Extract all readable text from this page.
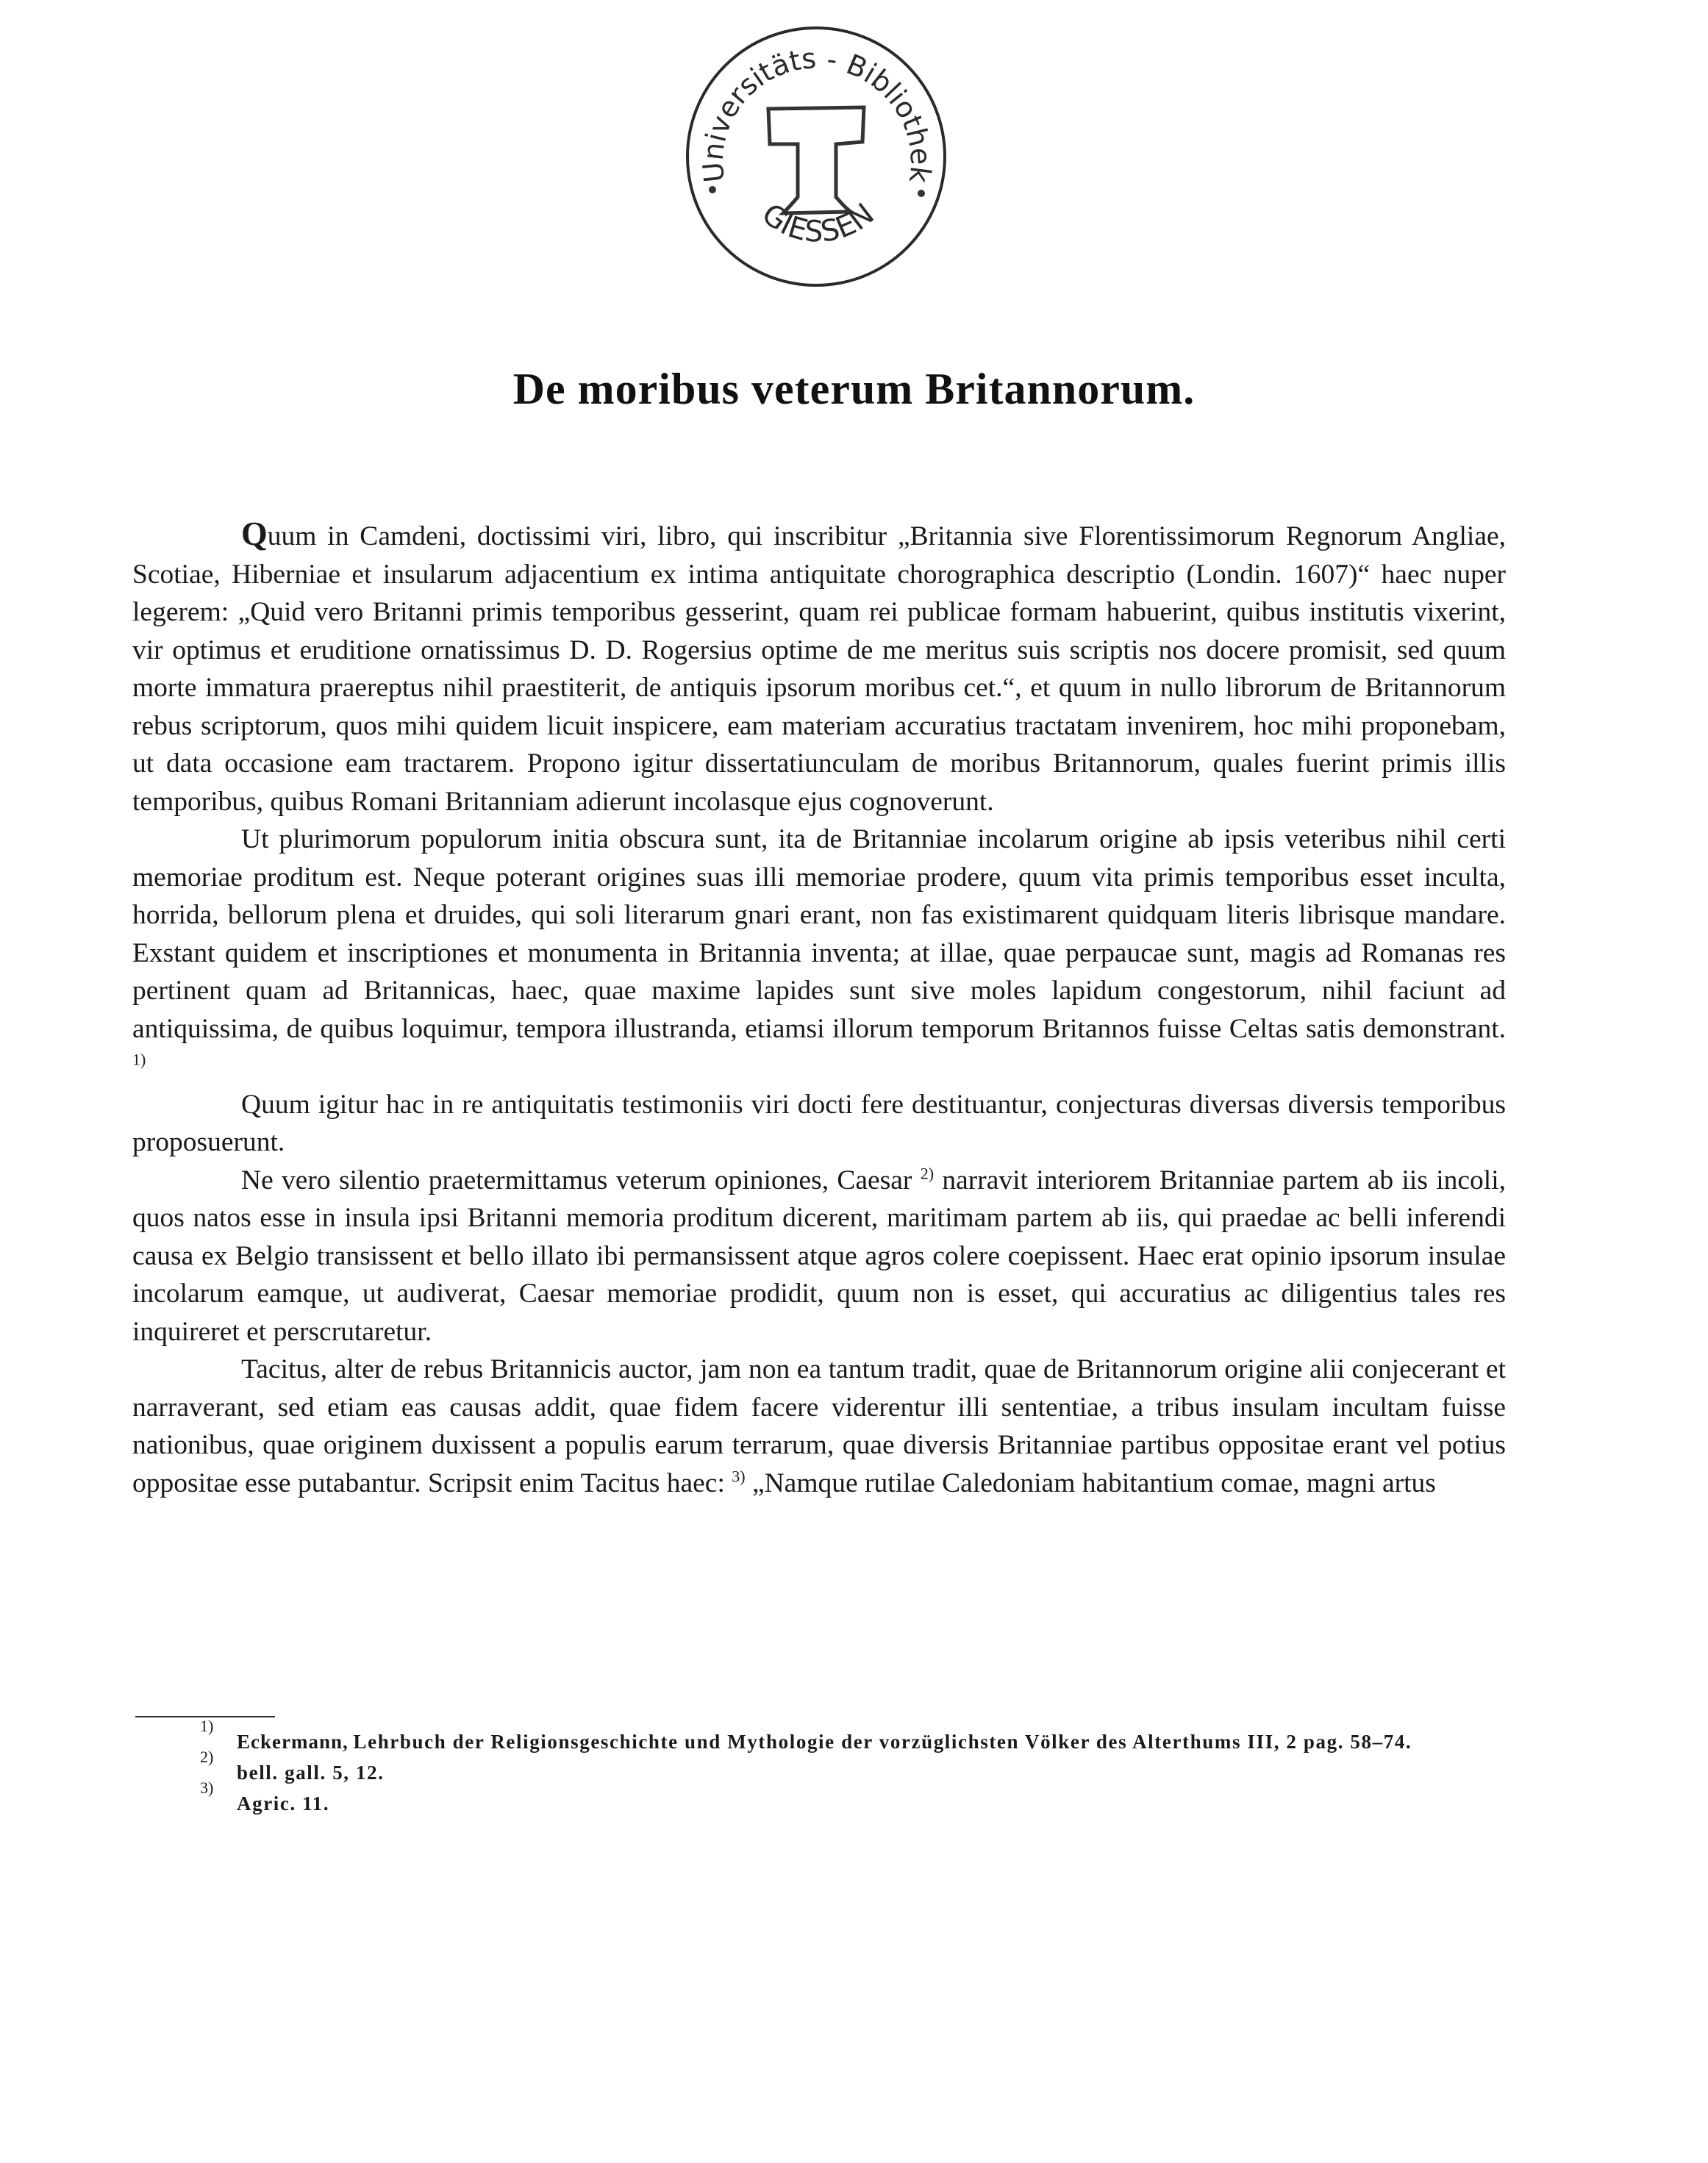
Universitäts - Bibliothek
GIESSEN
De moribus veterum Britannorum.

Quum in Camdeni, doctissimi viri, libro, qui inscribitur „Britannia sive Florentissimorum Regnorum Angliae, Scotiae, Hiberniae et insularum adjacentium ex intima antiquitate chorographica descriptio (Londin. 1607)“ haec nuper legerem: „Quid vero Britanni primis temporibus gesserint, quam rei publicae formam habuerint, quibus institutis vixerint, vir optimus et eruditione ornatissimus D. D. Rogersius optime de me meritus suis scriptis nos docere promisit, sed quum morte immatura praereptus nihil praestiterit, de antiquis ipsorum moribus cet.“, et quum in nullo librorum de Britannorum rebus scriptorum, quos mihi quidem licuit inspicere, eam materiam accuratius tractatam invenirem, hoc mihi proponebam, ut data occasione eam tractarem. Propono igitur dissertatiunculam de moribus Britannorum, quales fuerint primis illis temporibus, quibus Romani Britanniam adierunt incolasque ejus cognoverunt.

Ut plurimorum populorum initia obscura sunt, ita de Britanniae incolarum origine ab ipsis veteribus nihil certi memoriae proditum est. Neque poterant origines suas illi memoriae prodere, quum vita primis temporibus esset inculta, horrida, bellorum plena et druides, qui soli literarum gnari erant, non fas existimarent quidquam literis librisque mandare. Exstant quidem et inscriptiones et monumenta in Britannia inventa; at illae, quae perpaucae sunt, magis ad Romanas res pertinent quam ad Britannicas, haec, quae maxime lapides sunt sive moles lapidum congestorum, nihil faciunt ad antiquissima, de quibus loquimur, tempora illustranda, etiamsi illorum temporum Britannos fuisse Celtas satis demonstrant. $^{1)}$

Quum igitur hac in re antiquitatis testimoniis viri docti fere destituantur, conjecturas diversas diversis temporibus proposuerunt.

Ne vero silentio praetermittamus veterum opiniones, Caesar $^{2)}$ narravit interiorem Britanniae partem ab iis incoli, quos natos esse in insula ipsi Britanni memoria proditum dicerent, maritimam partem ab iis, qui praedae ac belli inferendi causa ex Belgio transissent et bello illato ibi permansissent atque agros colere coepissent. Haec erat opinio ipsorum insulae incolarum eamque, ut audiverat, Caesar memoriae prodidit, quum non is esset, qui accuratius ac diligentius tales res inquireret et perscrutaretur.

Tacitus, alter de rebus Britannicis auctor, jam non ea tantum tradit, quae de Britannorum origine alii conjecerant et narraverant, sed etiam eas causas addit, quae fidem facere viderentur illi sententiae, a tribus insulam incultam fuisse nationibus, quae originem duxissent a populis earum terrarum, quae diversis Britanniae partibus oppositae erant vel potius oppositae esse putabantur. Scripsit enim Tacitus haec: $^{3)}$ „Namque rutilae Caledoniam habitantium comae, magni artus

1)
Eckermann, Lehrbuch der Religionsgeschichte und Mythologie der vorzüglichsten Völker des Alterthums III, 2 pag. 58–74.
2)
bell. gall. 5, 12.
3)
Agric. 11.
